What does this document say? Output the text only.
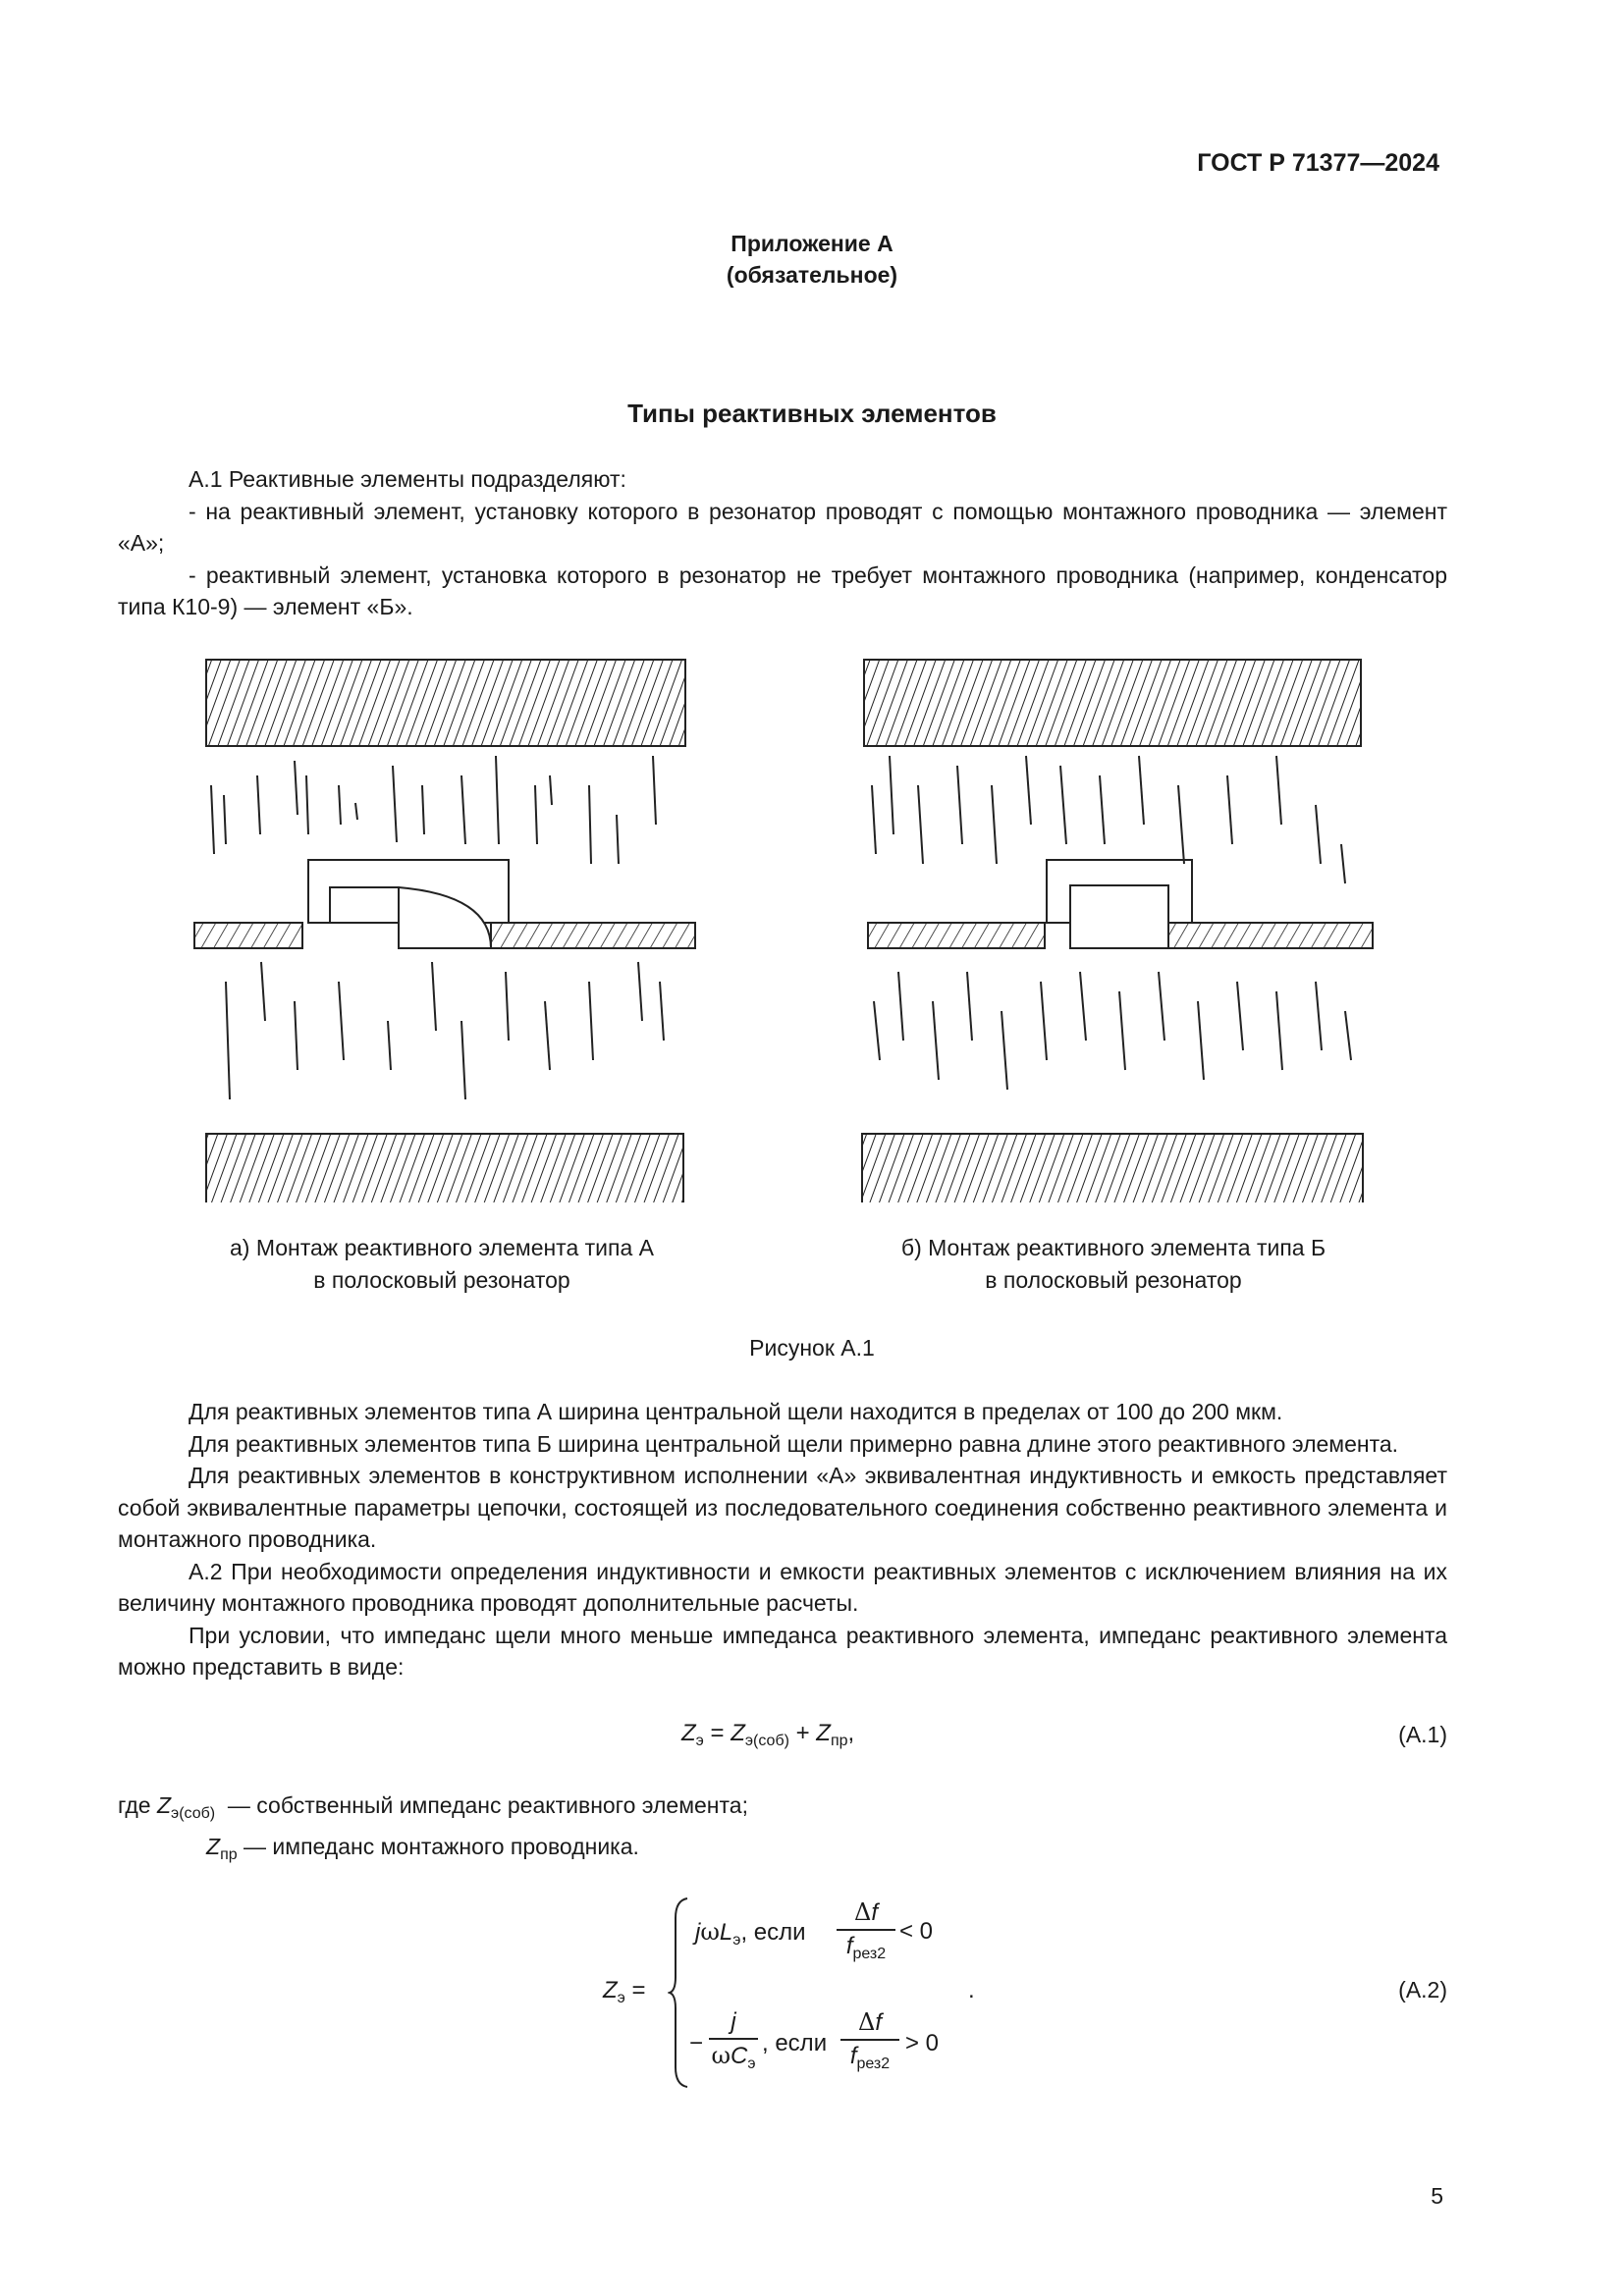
ГОСТ Р 71377—2024
Приложение А
(обязательное)
Типы реактивных элементов

А.1 Реактивные элементы подразделяют:

- на реактивный элемент, установку которого в резонатор проводят с помощью монтажного проводника — элемент «А»;

- реактивный элемент, установка которого в резонатор не требует монтажного проводника (например, конденсатор типа К10-9) — элемент «Б».

а) Монтаж реактивного элемента типа А
в полосковый резонатор
б) Монтаж реактивного элемента типа Б
в полосковый резонатор
Рисунок А.1

Для реактивных элементов типа А ширина центральной щели находится в пределах от 100 до 200 мкм.

Для реактивных элементов типа Б ширина центральной щели примерно равна длине этого реактивного элемента.

Для реактивных элементов в конструктивном исполнении «А» эквивалентная индуктивность и емкость представляет собой эквивалентные параметры цепочки, состоящей из последовательного соединения собственно реактивного элемента и монтажного проводника.

А.2 При необходимости определения индуктивности и емкости реактивных элементов с исключением влияния на их величину монтажного проводника проводят дополнительные расчеты.

При условии, что импеданс щели много меньше импеданса реактивного элемента, импеданс реактивного элемента можно представить в виде:

$Z_э = Z_{э(соб)} + Z_{пр}$,	(А.1)
где $Z_{э(соб)}$ — собственный импеданс реактивного элемента;
$Z_{пр}$ — импеданс монтажного проводника.
$Z_э$ =
jωL$_э$, если
Δf
$f_{рез2}$
< 0
−
j
$\omega C_э$
, если
Δf
$f_{рез2}$
> 0
.	(А.2)
5
